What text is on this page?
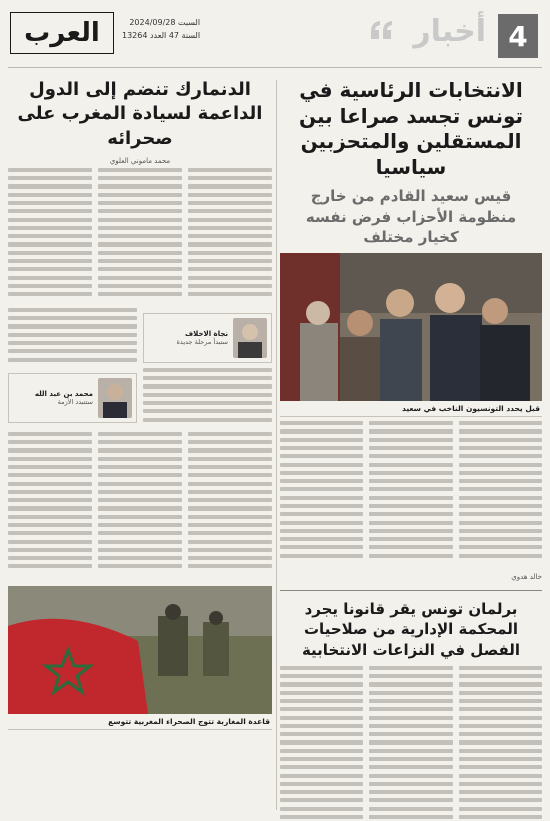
4
أخبار
العرب	السبت 2024/09/28
السنة 47 العدد 13264
الانتخابات الرئاسية في تونس تجسد صراعا بين المستقلين والمتحزبين سياسيا
قيس سعيد القادم من خارج منظومة الأحزاب فرض نفسه كخيار مختلف
قبل يحدد التونسيون الناخب في سعيد
خالد هدوي
برلمان تونس يقر قانونا يجرد المحكمة الإدارية من صلاحيات الفصل في النزاعات الانتخابية
الدنمارك تنضم إلى الدول الداعمة لسيادة المغرب على صحرائه
محمد ماموني العلوي
نجاة الاخلاف
ستبدأ مرحلة جديدة
محمد بن عبد الله
ستتبدد الأزمة
قاعدة المغاربة تتوج الصحراء المغربية تتوسع
